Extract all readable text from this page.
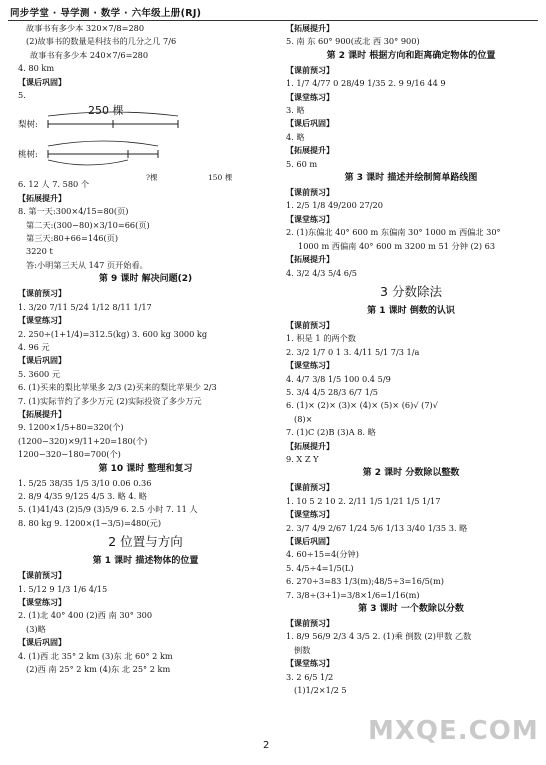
同步学堂 · 导学测 · 数学 · 六年级上册(RJ)
故事书有多少本 320×7/8=280
(2)故事书的数量是科技书的几分之几 7/6
故事书有多少本 240×7/6=280
4. 80 km
【课后巩固】
5.
250 棵
梨树:
桃树:
?棵	150 棵
6. 12 人 7. 580 个
【拓展提升】
8. 第一天:300×4/15=80(页)
第二天:(300−80)×3/10=66(页)
第三天:80+66=146(页)
3220 t
答:小明第三天从 147 页开始看。
第 9 课时 解决问题(2)
【课前预习】
1. 3/20 7/11 5/24 1/12 8/11 1/17
【课堂练习】
2. 250÷(1+1/4)=312.5(kg) 3. 600 kg 3000 kg
4. 96 元
【课后巩固】
5. 3600 元
6. (1)买来的梨比苹果多 2/3 (2)买来的梨比苹果少 2/3
7. (1)实际节约了多少万元 (2)实际投资了多少万元
【拓展提升】
9. 1200×1/5+80=320(个)
(1200−320)×9/11+20=180(个)
1200−320−180=700(个)
第 10 课时 整理和复习
1. 5/25 38/35 1/5 3/10 0.06 0.36
2. 8/9 4/35 9/125 4/5 3. 略 4. 略
5. (1)41/43 (2)5/9 (3)5/9 6. 2.5 小时 7. 11 人
8. 80 kg 9. 1200×(1−3/5)=480(元)
2 位置与方向
第 1 课时 描述物体的位置
【课前预习】
1. 5/12 9 1/3 1/6 4/15
【课堂练习】
2. (1)北 40° 400 (2)西 南 30° 300
(3)略
【课后巩固】
4. (1)西 北 35° 2 km (3)东 北 60° 2 km
(2)西 南 25° 2 km (4)东 北 25° 2 km
【拓展提升】
5. 南 东 60° 900(或北 西 30° 900)
第 2 课时 根据方向和距离确定物体的位置
【课前预习】
1. 1/7 4/77 0 28/49 1/35 2. 9 9/16 44 9
【课堂练习】
3. 略
【课后巩固】
4. 略
【拓展提升】
5. 60 m
第 3 课时 描述并绘制简单路线图
【课前预习】
1. 2/5 1/8 49/200 27/20
【课堂练习】
2. (1)东偏北 40° 600 m 东偏南 30° 1000 m 西偏北 30°
1000 m 西偏南 40° 600 m 3200 m 51 分钟 (2) 63
【拓展提升】
4. 3/2 4/3 5/4 6/5
3 分数除法
第 1 课时 倒数的认识
【课前预习】
1. 积是 1 的两个数
2. 3/2 1/7 0 1 3. 4/11 5/1 7/3 1/a
【课堂练习】
4. 4/7 3/8 1/5 100 0.4 5/9
5. 3/4 4/5 28/3 6/7 1/5
6. (1)× (2)× (3)× (4)× (5)× (6)√ (7)√
(8)×
7. (1)C (2)B (3)A 8. 略
【拓展提升】
9. X Z Y
第 2 课时 分数除以整数
【课前预习】
1. 10 5 2 10 2. 2/11 1/5 1/21 1/5 1/17
【课堂练习】
2. 3/7 4/9 2/67 1/24 5/6 1/13 3/40 1/35 3. 略
【课后巩固】
4. 60÷15=4(分钟)
5. 4/5÷4=1/5(L)
6. 270÷3=83 1/3(m);48/5÷3=16/5(m)
7. 3/8÷(3+1)=3/8×1/6=1/16(m)
第 3 课时 一个数除以分数
【课前预习】
1. 8/9 56/9 2/3 4 3/5 2. (1)乘 倒数 (2)甲数 乙数
倒数
【课堂练习】
3. 2 6/5 1/2
(1)1/2×1/2 5
MXQE.COM
2
